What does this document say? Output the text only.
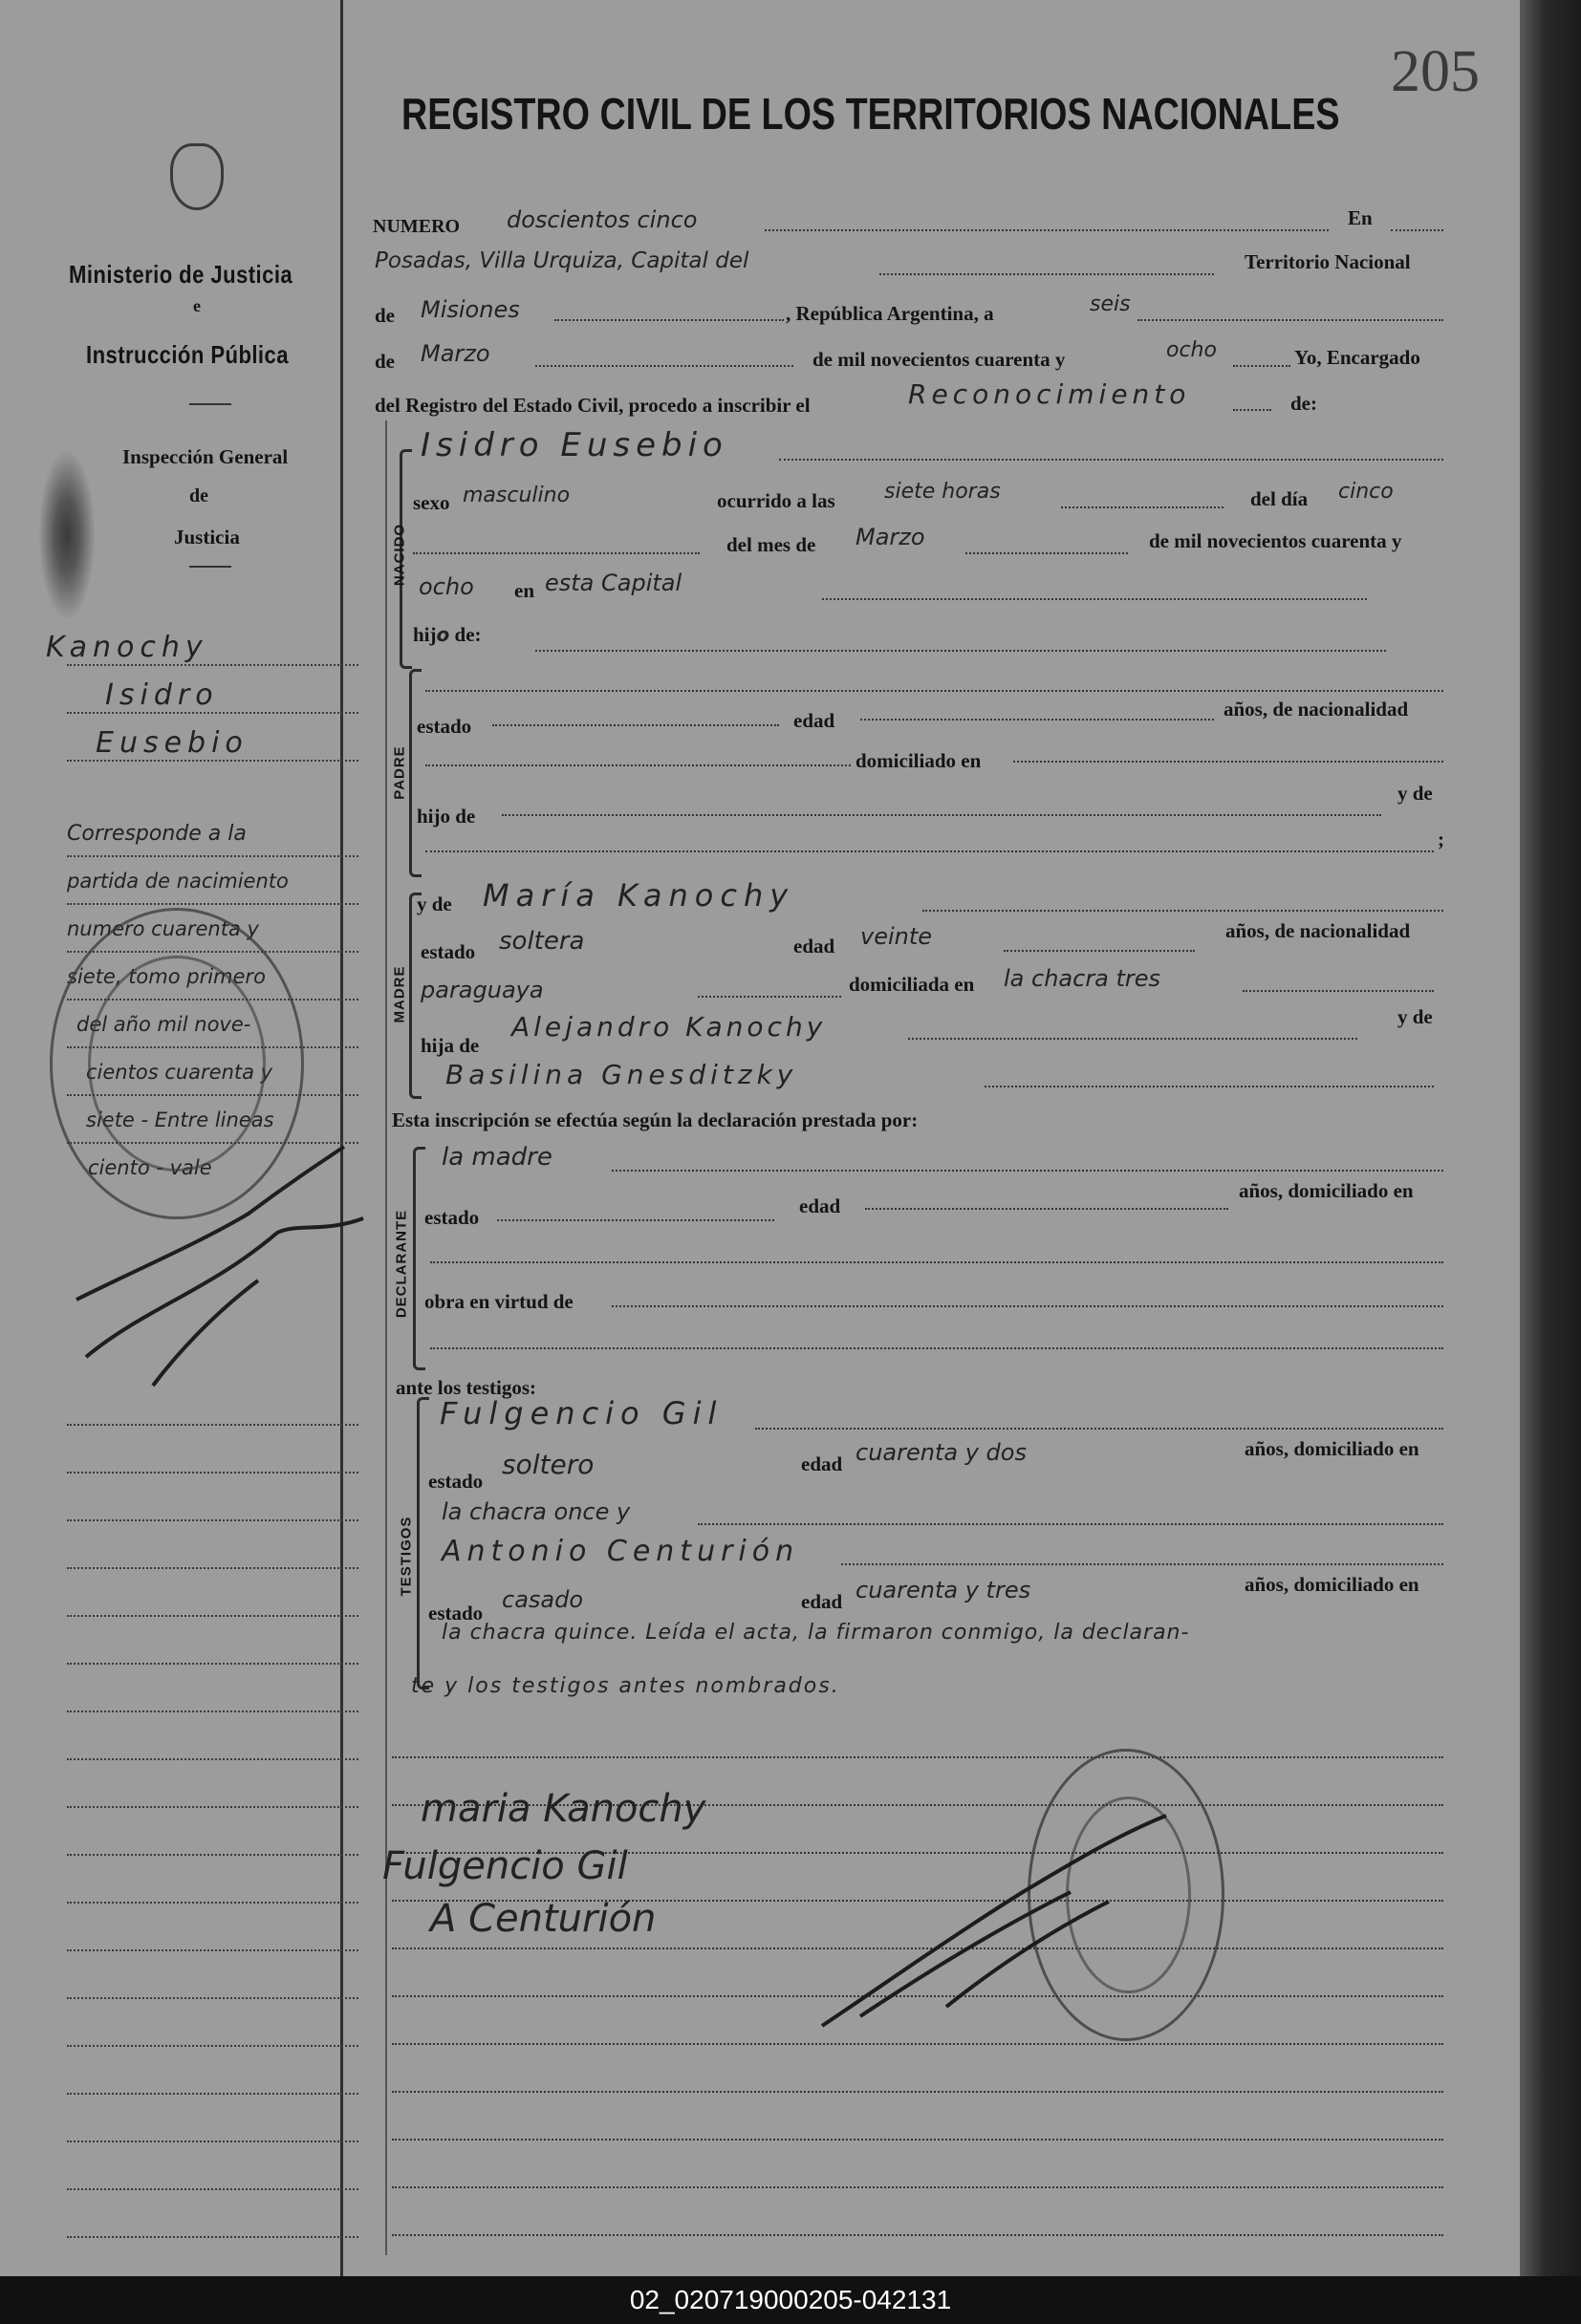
205
REGISTRO CIVIL DE LOS TERRITORIOS NACIONALES
Ministerio de Justicia
e
Instrucción Pública
Inspección General
de
Justicia
Kanochy
Isidro
Eusebio
Corresponde a la
partida de nacimiento
numero cuarenta y
siete, tomo primero
del año mil nove-
cientos cuarenta y
siete - Entre lineas
ciento - vale
NUMERO doscientos cinco	En
Posadas, Villa Urquiza, Capital del	Territorio Nacional
de Misiones	, República Argentina, a	seis
de Marzo	de mil novecientos cuarenta y	ocho	Yo, Encargado
del Registro del Estado Civil, procedo a inscribir el	Reconocimiento	de:
Isidro Eusebio
NACIDO
sexo masculino	ocurrido a las siete horas	del día cinco
del mes de Marzo	de mil novecientos cuarenta y
ocho en esta Capital
hijo de:
PADRE
estado	edad	años, de nacionalidad
domiciliado en
hijo de
y de
;
MADRE
y de María Kanochy
estado soltera	edad veinte	años, de nacionalidad
paraguaya	domiciliada en la chacra tres
hija de
Alejandro Kanochy	y de
Basilina Gnesditzky
Esta inscripción se efectúa según la declaración prestada por:
DECLARANTE
la madre
estado	edad
años, domiciliado en
obra en virtud de
ante los testigos:
TESTIGOS
Fulgencio Gil
estado
soltero	edad cuarenta y dos	años, domiciliado en
la chacra once y
Antonio Centurión
estado casado	edad cuarenta y tres	años, domiciliado en
la chacra quince. Leída el acta, la firmaron conmigo, la declaran-
te y los testigos antes nombrados.
maria Kanochy
Fulgencio Gil
A Centurión
02_020719000205-042131
